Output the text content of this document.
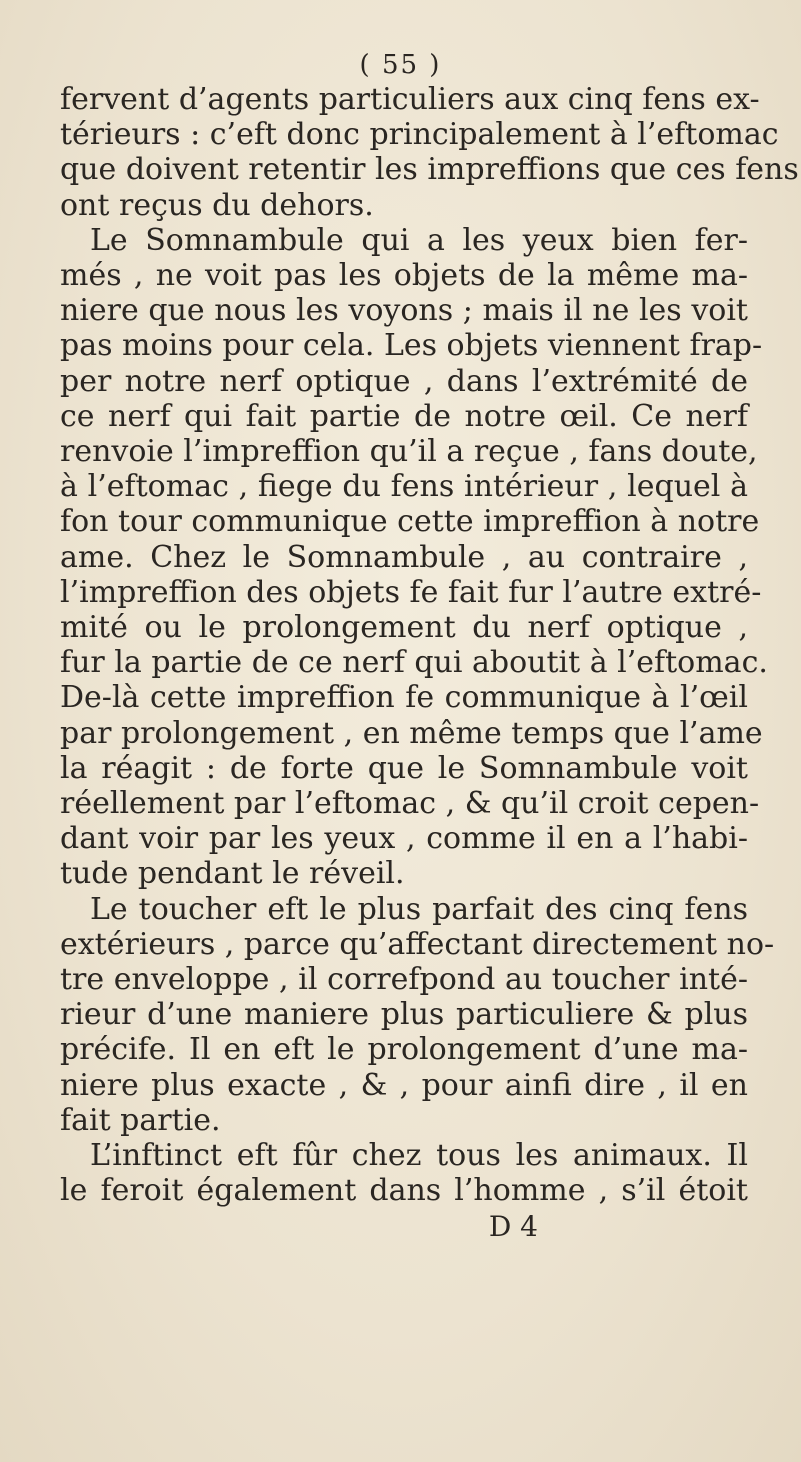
( 55 )
fervent d’agents particuliers aux cinq fens ex-
térieurs : c’eft donc principalement à l’eftomac
que doivent retentir les impreffions que ces fens
ont reçus du dehors.
Le Somnambule qui a les yeux bien fer-
més , ne voit pas les objets de la même ma-
niere que nous les voyons ; mais il ne les voit
pas moins pour cela. Les objets viennent frap-
per notre nerf optique , dans l’extrémité de
ce nerf qui fait partie de notre œil. Ce nerf
renvoie l’impreffion qu’il a reçue , fans doute,
à l’eftomac , fiege du fens intérieur , lequel à
fon tour communique cette impreffion à notre
ame. Chez le Somnambule , au contraire ,
l’impreffion des objets fe fait fur l’autre extré-
mité ou le prolongement du nerf optique ,
fur la partie de ce nerf qui aboutit à l’eftomac.
De-là cette impreffion fe communique à l’œil
par prolongement , en même temps que l’ame
la réagit : de forte que le Somnambule voit
réellement par l’eftomac , & qu’il croit cepen-
dant voir par les yeux , comme il en a l’habi-
tude pendant le réveil.
Le toucher eft le plus parfait des cinq fens
extérieurs , parce qu’affectant directement no-
tre enveloppe , il correfpond au toucher inté-
rieur d’une maniere plus particuliere & plus
précife. Il en eft le prolongement d’une ma-
niere plus exacte , & , pour ainfi dire , il en
fait partie.
L’inftinct eft fûr chez tous les animaux. Il
le feroit également dans l’homme , s’il étoit
D 4
